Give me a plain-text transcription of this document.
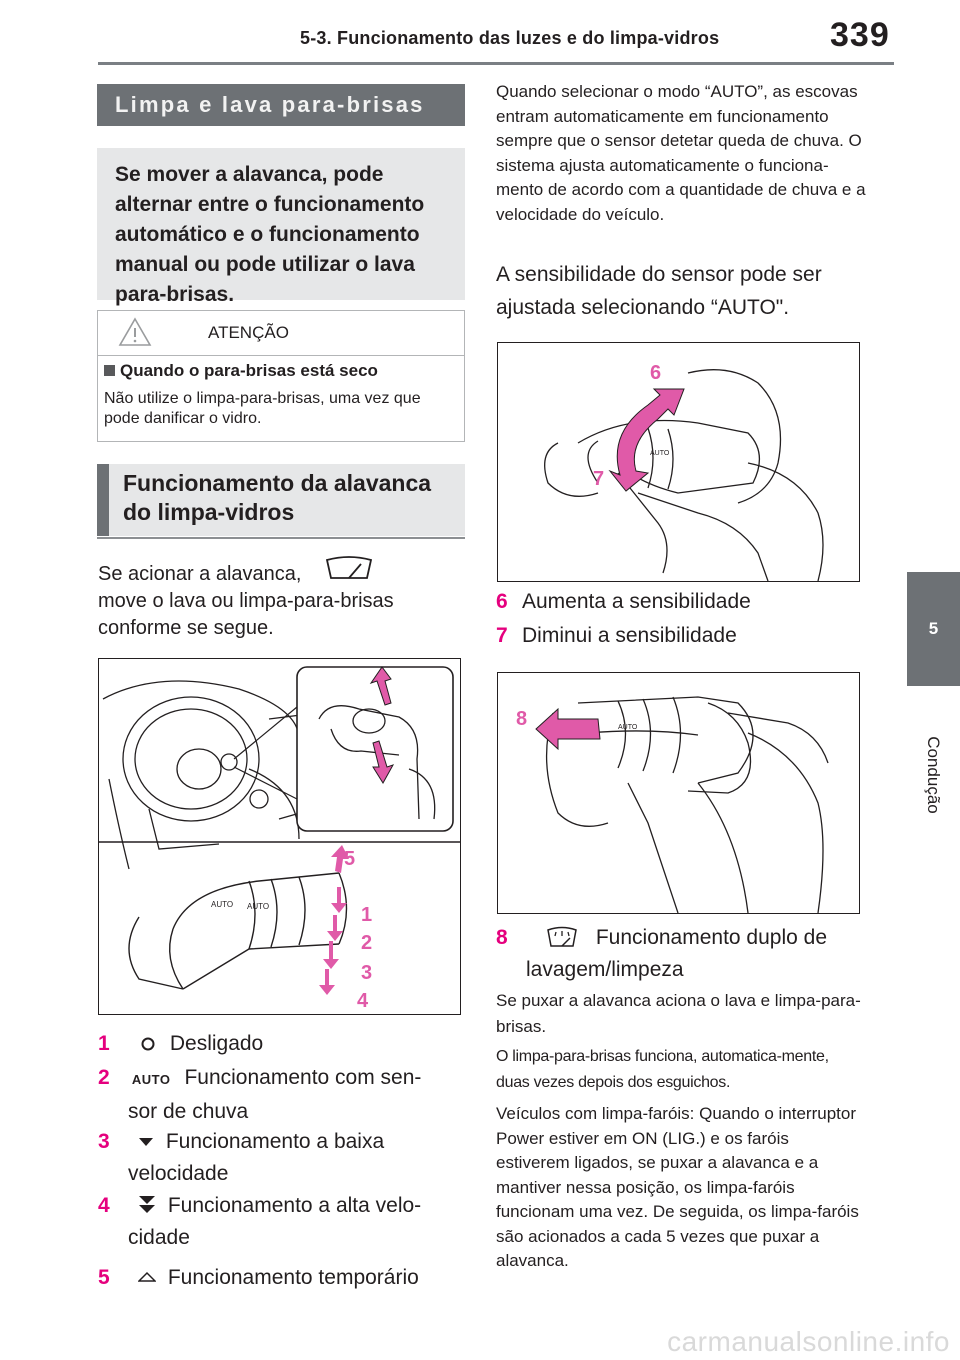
5-3. Funcionamento das luzes e do limpa-vidros	339
5
Condução
Limpa e lava para-brisas
Se mover a alavanca, pode alternar entre o funcionamento automático e o funcionamento manual ou pode utilizar o lava para-brisas.
ATENÇÃO
Quando o para-brisas está seco
Não utilize o limpa-para-brisas, uma vez que pode danificar o vidro.
Funcionamento da alavanca do limpa-vidros
Se acionar a alavanca,
move o lava ou limpa-para-brisas conforme se segue.
AUTO AUTO
5
1
2
3
4
1	Desligado
2 AUTO Funcionamento com sen-
sor de chuva
3	Funcionamento a baixa
velocidade
4	Funcionamento a alta velo-
cidade
5	Funcionamento temporário
Quando selecionar o modo “AUTO”, as escovas entram automaticamente em funcionamento sempre que o sensor detetar queda de chuva. O sistema ajusta automaticamente o funciona-mento de acordo com a quantidade de chuva e a velocidade do veículo.
A sensibilidade do sensor pode ser ajustada selecionando “AUTO".
AUTO
6
7
6 Aumenta a sensibilidade
7 Diminui a sensibilidade
AUTO
8
8	Funcionamento duplo de
lavagem/limpeza
Se puxar a alavanca aciona o lava e limpa-para-brisas.
O limpa-para-brisas funciona, automatica-mente, duas vezes depois dos esguichos.
Veículos com limpa-faróis: Quando o interruptor Power estiver em ON (LIG.) e os faróis estiverem ligados, se puxar a alavanca e a mantiver nessa posição, os limpa-faróis funcionam uma vez. De seguida, os limpa-faróis são acionados a cada 5 vezes que puxar a alavanca.
carmanualsonline.info
